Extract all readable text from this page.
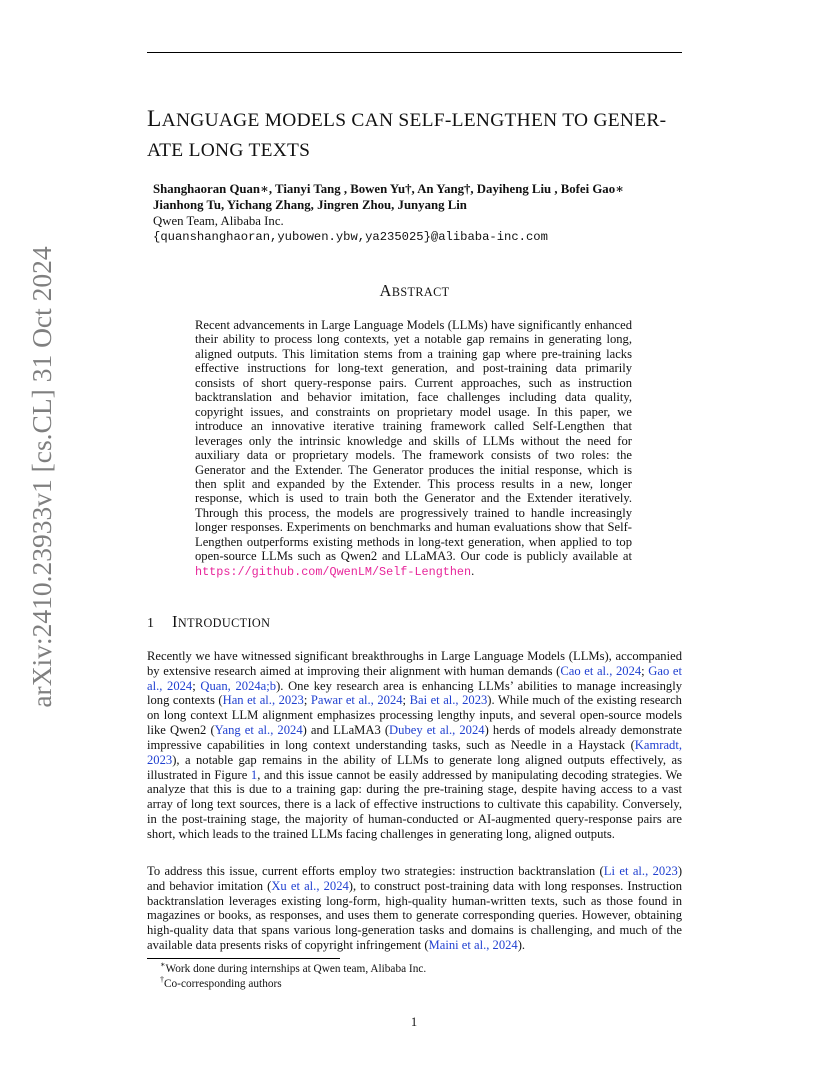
arXiv:2410.23933v1 [cs.CL] 31 Oct 2024
LANGUAGE MODELS CAN SELF-LENGTHEN TO GENER-
ATE LONG TEXTS
Shanghaoran Quan∗, Tianyi Tang , Bowen Yu†, An Yang†, Dayiheng Liu , Bofei Gao∗
Jianhong Tu, Yichang Zhang, Jingren Zhou, Junyang Lin
Qwen Team, Alibaba Inc.
{quanshanghaoran,yubowen.ybw,ya235025}@alibaba-inc.com
ABSTRACT
Recent advancements in Large Language Models (LLMs) have significantly enhanced their ability to process long contexts, yet a notable gap remains in generating long, aligned outputs. This limitation stems from a training gap where pre-training lacks effective instructions for long-text generation, and post-training data primarily consists of short query-response pairs. Current approaches, such as instruction backtranslation and behavior imitation, face challenges including data quality, copyright issues, and constraints on proprietary model usage. In this paper, we introduce an innovative iterative training framework called Self-Lengthen that leverages only the intrinsic knowledge and skills of LLMs without the need for auxiliary data or proprietary models. The framework consists of two roles: the Generator and the Extender. The Generator produces the initial response, which is then split and expanded by the Extender. This process results in a new, longer response, which is used to train both the Generator and the Extender iteratively. Through this process, the models are progressively trained to handle increasingly longer responses. Experiments on benchmarks and human evaluations show that Self-Lengthen outperforms existing methods in long-text generation, when applied to top open-source LLMs such as Qwen2 and LLaMA3. Our code is publicly available at https://github.com/QwenLM/Self-Lengthen.
1 INTRODUCTION
Recently we have witnessed significant breakthroughs in Large Language Models (LLMs), accompanied by extensive research aimed at improving their alignment with human demands (Cao et al., 2024; Gao et al., 2024; Quan, 2024a;b). One key research area is enhancing LLMs’ abilities to manage increasingly long contexts (Han et al., 2023; Pawar et al., 2024; Bai et al., 2023). While much of the existing research on long context LLM alignment emphasizes processing lengthy inputs, and several open-source models like Qwen2 (Yang et al., 2024) and LLaMA3 (Dubey et al., 2024) herds of models already demonstrate impressive capabilities in long context understanding tasks, such as Needle in a Haystack (Kamradt, 2023), a notable gap remains in the ability of LLMs to generate long aligned outputs effectively, as illustrated in Figure 1, and this issue cannot be easily addressed by manipulating decoding strategies. We analyze that this is due to a training gap: during the pre-training stage, despite having access to a vast array of long text sources, there is a lack of effective instructions to cultivate this capability. Conversely, in the post-training stage, the majority of human-conducted or AI-augmented query-response pairs are short, which leads to the trained LLMs facing challenges in generating long, aligned outputs.
To address this issue, current efforts employ two strategies: instruction backtranslation (Li et al., 2023) and behavior imitation (Xu et al., 2024), to construct post-training data with long responses. Instruction backtranslation leverages existing long-form, high-quality human-written texts, such as those found in magazines or books, as responses, and uses them to generate corresponding queries. However, obtaining high-quality data that spans various long-generation tasks and domains is challenging, and much of the available data presents risks of copyright infringement (Maini et al., 2024).
∗Work done during internships at Qwen team, Alibaba Inc.
†Co-corresponding authors
1
